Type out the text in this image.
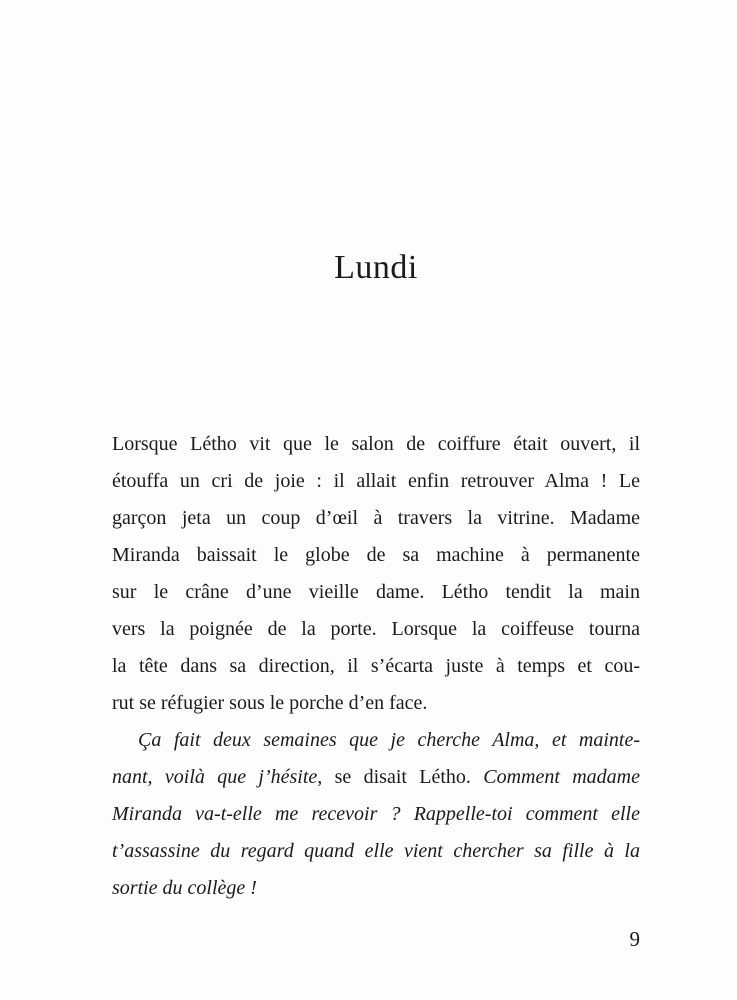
Lundi
Lorsque Létho vit que le salon de coiffure était ouvert, il
étouffa un cri de joie : il allait enfin retrouver Alma ! Le
garçon jeta un coup d’œil à travers la vitrine. Madame
Miranda baissait le globe de sa machine à permanente
sur le crâne d’une vieille dame. Létho tendit la main
vers la poignée de la porte. Lorsque la coiffeuse tourna
la tête dans sa direction, il s’écarta juste à temps et cou-
rut se réfugier sous le porche d’en face.
Ça fait deux semaines que je cherche Alma, et mainte-
nant, voilà que j’hésite, se disait Létho. Comment madame
Miranda va-t-elle me recevoir ? Rappelle-toi comment elle
t’assassine du regard quand elle vient chercher sa fille à la
sortie du collège !
9
